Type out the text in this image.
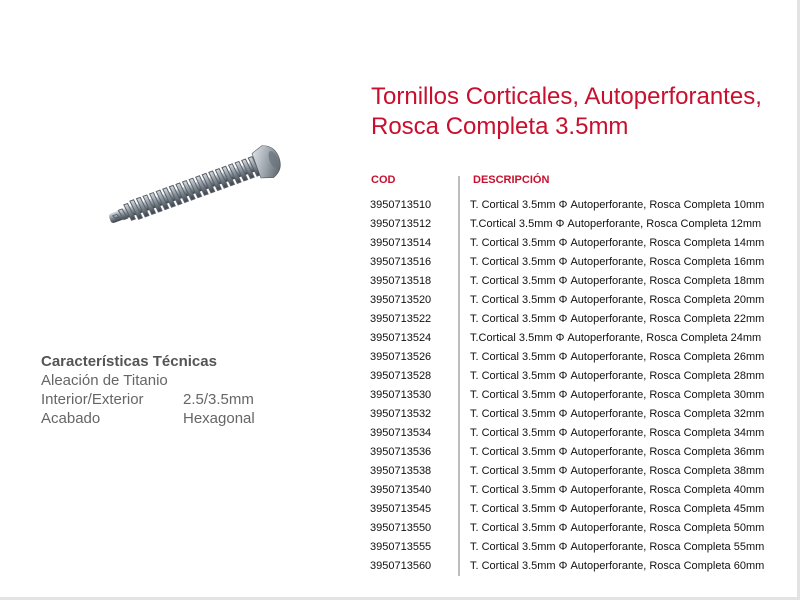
Tornillos Corticales, Autoperforantes,
Rosca Completa 3.5mm
Características Técnicas
Aleación de Titanio
Interior/Exterior	2.5/3.5mm
Acabado	Hexagonal
COD	DESCRIPCIÓN
3950713510	T. Cortical 3.5mm Φ Autoperforante, Rosca Completa 10mm
3950713512	T.Cortical 3.5mm Φ Autoperforante, Rosca Completa 12mm
3950713514	T. Cortical 3.5mm Φ Autoperforante, Rosca Completa 14mm
3950713516	T. Cortical 3.5mm Φ Autoperforante, Rosca Completa 16mm
3950713518	T. Cortical 3.5mm Φ Autoperforante, Rosca Completa 18mm
3950713520	T. Cortical 3.5mm Φ Autoperforante, Rosca Completa 20mm
3950713522	T. Cortical 3.5mm Φ Autoperforante, Rosca Completa 22mm
3950713524	T.Cortical 3.5mm Φ Autoperforante, Rosca Completa 24mm
3950713526	T. Cortical 3.5mm Φ Autoperforante, Rosca Completa 26mm
3950713528	T. Cortical 3.5mm Φ Autoperforante, Rosca Completa 28mm
3950713530	T. Cortical 3.5mm Φ Autoperforante, Rosca Completa 30mm
3950713532	T. Cortical 3.5mm Φ Autoperforante, Rosca Completa 32mm
3950713534	T. Cortical 3.5mm Φ Autoperforante, Rosca Completa 34mm
3950713536	T. Cortical 3.5mm Φ Autoperforante, Rosca Completa 36mm
3950713538	T. Cortical 3.5mm Φ Autoperforante, Rosca Completa 38mm
3950713540	T. Cortical 3.5mm Φ Autoperforante, Rosca Completa 40mm
3950713545	T. Cortical 3.5mm Φ Autoperforante, Rosca Completa 45mm
3950713550	T. Cortical 3.5mm Φ Autoperforante, Rosca Completa 50mm
3950713555	T. Cortical 3.5mm Φ Autoperforante, Rosca Completa 55mm
3950713560	T. Cortical 3.5mm Φ Autoperforante, Rosca Completa 60mm
